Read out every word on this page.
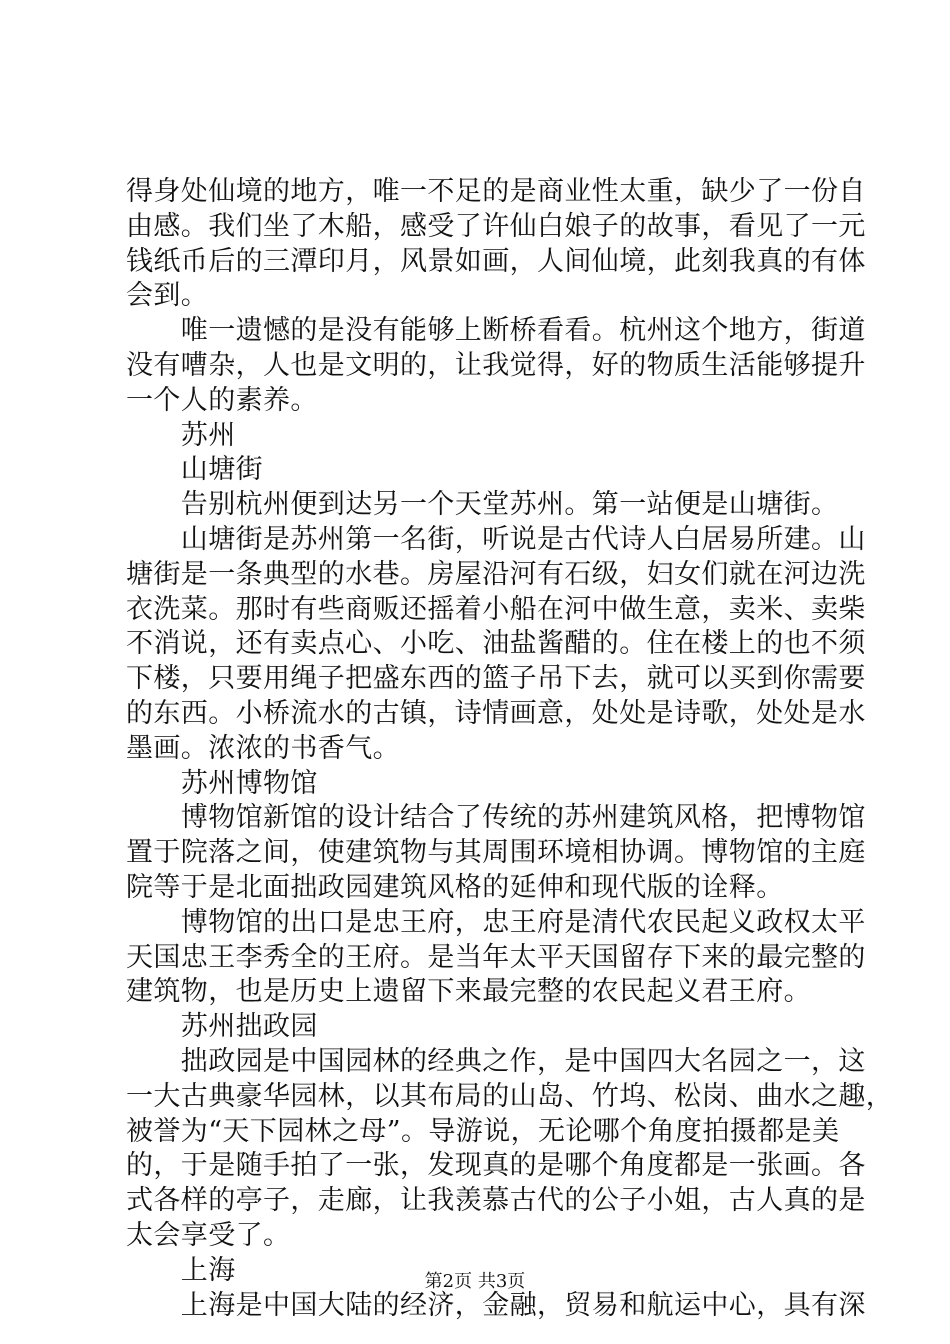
得身处仙境的地方，唯一不足的是商业性太重，缺少了一份自
由感。我们坐了木船，感受了许仙白娘子的故事，看见了一元
钱纸币后的三潭印月，风景如画，人间仙境，此刻我真的有体
会到。
　　唯一遗憾的是没有能够上断桥看看。杭州这个地方，街道
没有嘈杂，人也是文明的，让我觉得，好的物质生活能够提升
一个人的素养。
　　苏州
　　山塘街
　　告别杭州便到达另一个天堂苏州。第一站便是山塘街。
　　山塘街是苏州第一名街，听说是古代诗人白居易所建。山
塘街是一条典型的水巷。房屋沿河有石级，妇女们就在河边洗
衣洗菜。那时有些商贩还摇着小船在河中做生意，卖米、卖柴
不消说，还有卖点心、小吃、油盐酱醋的。住在楼上的也不须
下楼，只要用绳子把盛东西的篮子吊下去，就可以买到你需要
的东西。小桥流水的古镇，诗情画意，处处是诗歌，处处是水
墨画。浓浓的书香气。
　　苏州博物馆
　　博物馆新馆的设计结合了传统的苏州建筑风格，把博物馆
置于院落之间，使建筑物与其周围环境相协调。博物馆的主庭
院等于是北面拙政园建筑风格的延伸和现代版的诠释。
　　博物馆的出口是忠王府，忠王府是清代农民起义政权太平
天国忠王李秀全的王府。是当年太平天国留存下来的最完整的
建筑物，也是历史上遗留下来最完整的农民起义君王府。
　　苏州拙政园
　　拙政园是中国园林的经典之作，是中国四大名园之一，这
一大古典豪华园林，以其布局的山岛、竹坞、松岗、曲水之趣，
被誉为“天下园林之母”。导游说，无论哪个角度拍摄都是美
的，于是随手拍了一张，发现真的是哪个角度都是一张画。各
式各样的亭子，走廊，让我羡慕古代的公子小姐，古人真的是
太会享受了。
　　上海
　　上海是中国大陆的经济，金融，贸易和航运中心，具有深
第2页 共3页
